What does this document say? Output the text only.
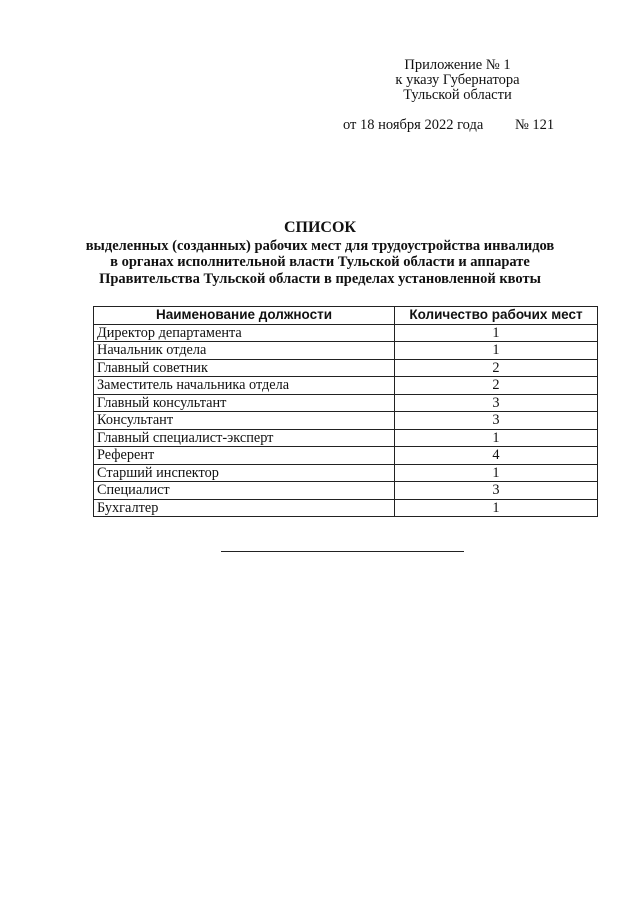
Приложение № 1
к указу Губернатора
Тульской области
от 18 ноября 2022 года № 121
СПИСОК
выделенных (созданных) рабочих мест для трудоустройства инвалидов
в органах исполнительной власти Тульской области и аппарате
Правительства Тульской области в пределах установленной квоты
Наименование должности	Количество рабочих мест
Директор департамента	1
Начальник отдела	1
Главный советник	2
Заместитель начальника отдела	2
Главный консультант	3
Консультант	3
Главный специалист-эксперт	1
Референт	4
Старший инспектор	1
Специалист	3
Бухгалтер	1
